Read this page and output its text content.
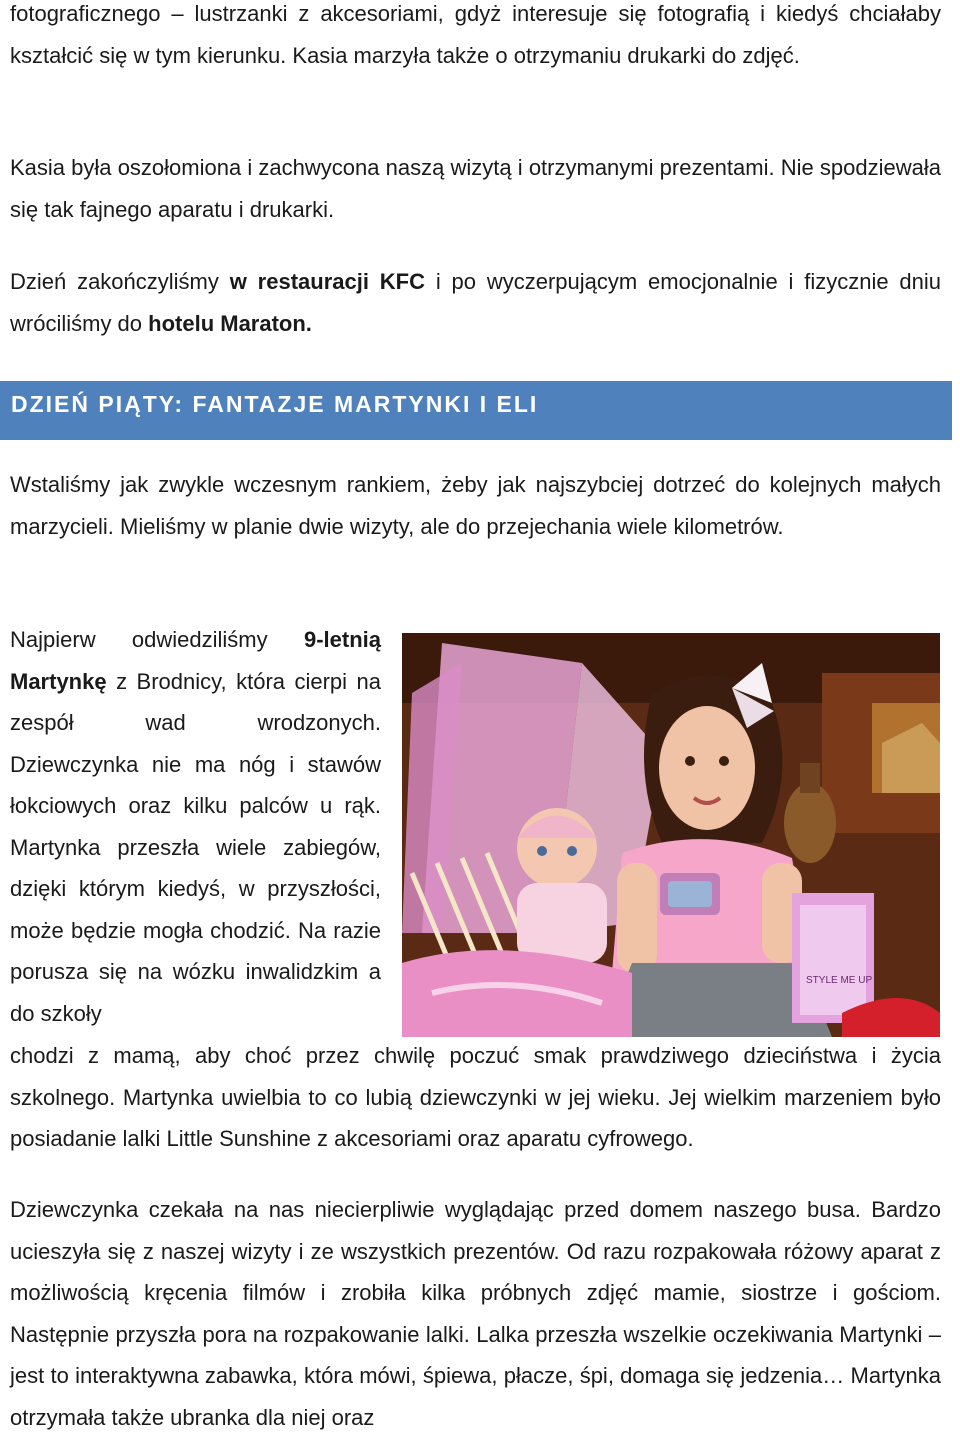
fotograficznego – lustrzanki z akcesoriami, gdyż interesuje się fotografią i kiedyś chciałaby kształcić się w tym kierunku. Kasia marzyła także o otrzymaniu drukarki do zdjęć.

Kasia była oszołomiona i zachwycona naszą wizytą i otrzymanymi prezentami. Nie spodziewała się tak fajnego aparatu i drukarki.

Dzień zakończyliśmy w restauracji KFC i po wyczerpującym emocjonalnie i fizycznie dniu wróciliśmy do hotelu Maraton.

DZIEŃ PIĄTY: FANTAZJE MARTYNKI I ELI

Wstaliśmy jak zwykle wczesnym rankiem, żeby jak najszybciej dotrzeć do kolejnych małych marzycieli. Mieliśmy w planie dwie wizyty, ale do przejechania wiele kilometrów.

Najpierw odwiedziliśmy 9-letnią Martynkę z Brodnicy, która cierpi na zespół wad wrodzonych. Dziewczynka nie ma nóg i stawów łokciowych oraz kilku palców u rąk. Martynka przeszła wiele zabiegów, dzięki którym kiedyś, w przyszłości, może będzie mogła chodzić. Na razie porusza się na wózku inwalidzkim a do szkoły

chodzi z mamą, aby choć przez chwilę poczuć smak prawdziwego dzieciństwa i życia szkolnego. Martynka uwielbia to co lubią dziewczynki w jej wieku. Jej wielkim marzeniem było posiadanie lalki Little Sunshine z akcesoriami oraz aparatu cyfrowego.

Dziewczynka czekała na nas niecierpliwie wyglądając przed domem naszego busa. Bardzo ucieszyła się z naszej wizyty i ze wszystkich prezentów. Od razu rozpakowała różowy aparat z możliwością kręcenia filmów i zrobiła kilka próbnych zdjęć mamie, siostrze i gościom. Następnie przyszła pora na rozpakowanie lalki. Lalka przeszła wszelkie oczekiwania Martynki – jest to interaktywna zabawka, która mówi, śpiewa, płacze, śpi, domaga się jedzenia… Martynka otrzymała także ubranka dla niej oraz

STYLE ME UP
